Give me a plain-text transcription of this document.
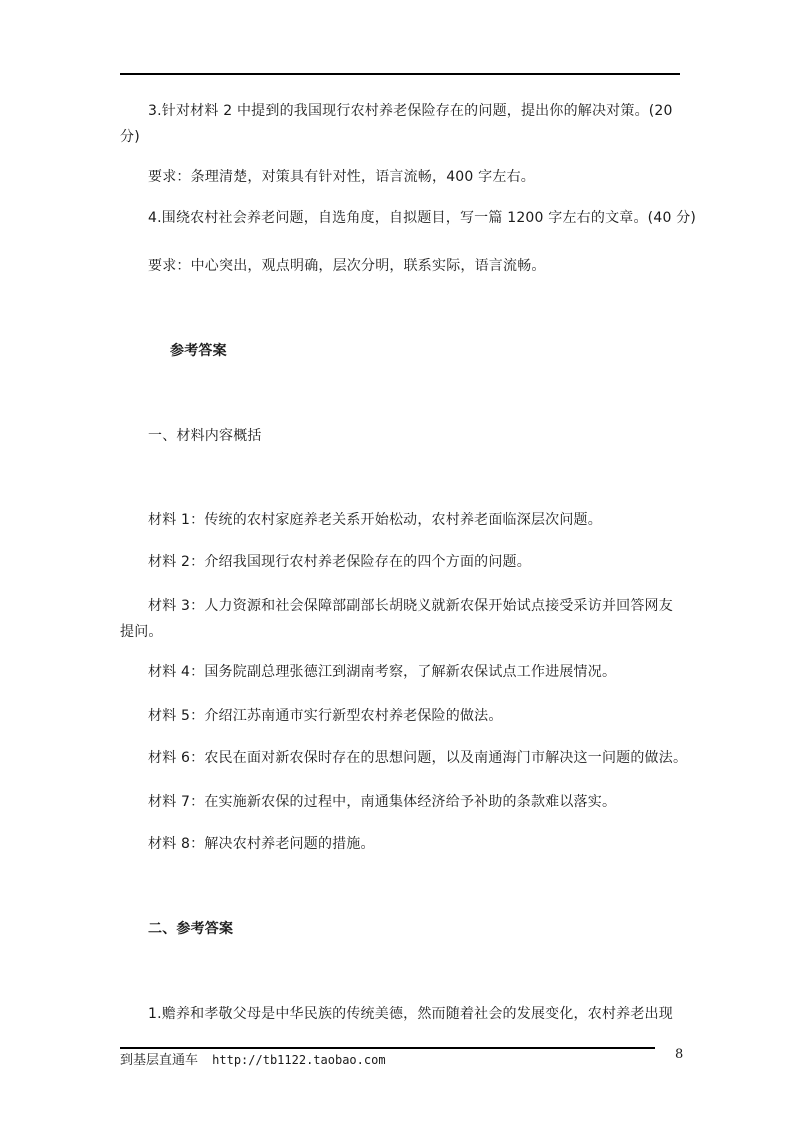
3.针对材料 2 中提到的我国现行农村养老保险存在的问题，提出你的解决对策。(20
分)
要求：条理清楚，对策具有针对性，语言流畅，400 字左右。
4.围绕农村社会养老问题，自选角度，自拟题目，写一篇 1200 字左右的文章。(40 分)
要求：中心突出，观点明确，层次分明，联系实际，语言流畅。
参考答案
一、材料内容概括
材料 1：传统的农村家庭养老关系开始松动，农村养老面临深层次问题。
材料 2：介绍我国现行农村养老保险存在的四个方面的问题。
材料 3：人力资源和社会保障部副部长胡晓义就新农保开始试点接受采访并回答网友
提问。
材料 4：国务院副总理张德江到湖南考察，了解新农保试点工作进展情况。
材料 5：介绍江苏南通市实行新型农村养老保险的做法。
材料 6：农民在面对新农保时存在的思想问题，以及南通海门市解决这一问题的做法。
材料 7：在实施新农保的过程中，南通集体经济给予补助的条款难以落实。
材料 8：解决农村养老问题的措施。
二、参考答案
1.赡养和孝敬父母是中华民族的传统美德，然而随着社会的发展变化，农村养老出现
到基层直通车 http://tb1122.taobao.com	8
